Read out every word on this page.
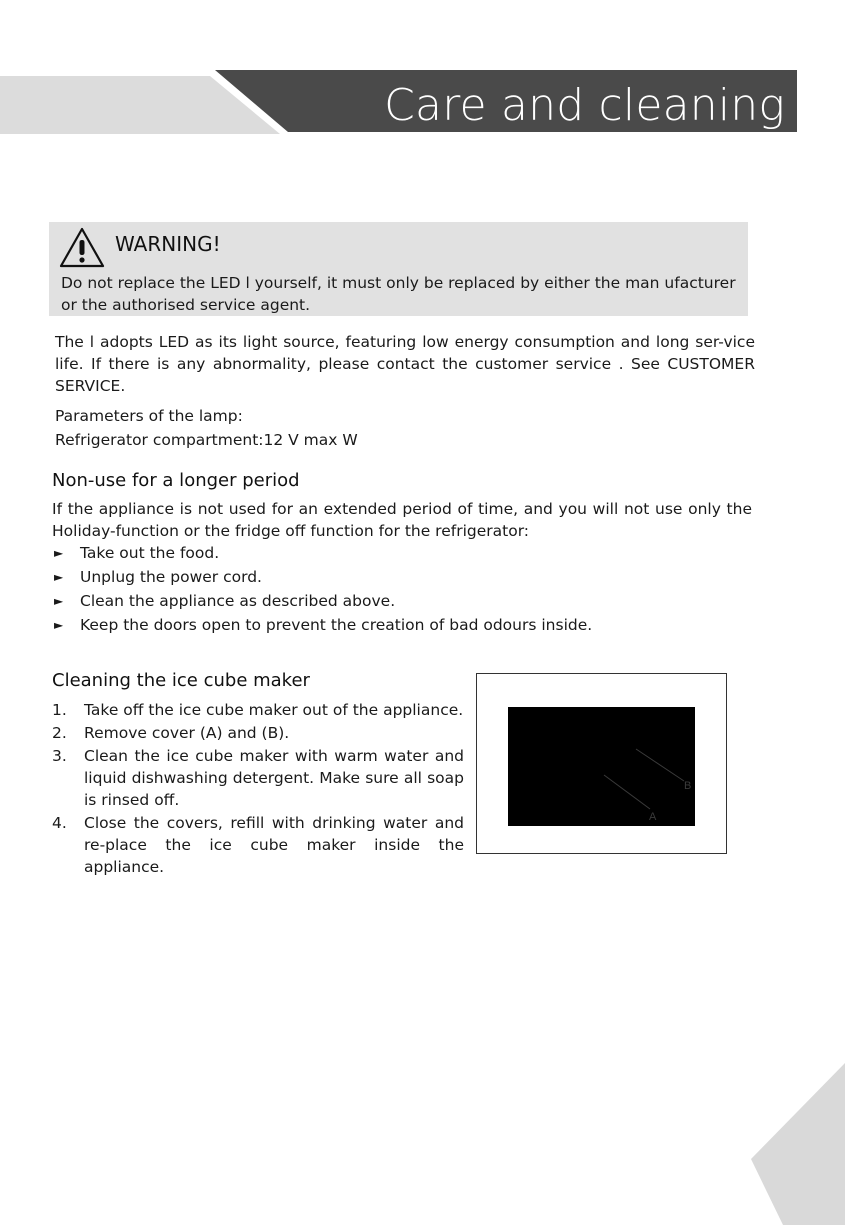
Care and cleaning
WARNING!
Do not replace the LED l yourself, it must only be replaced by either the man ufacturer or the authorised service agent.
The l adopts LED as its light source, featuring low energy consumption and long ser-vice life. If there is any abnormality, please contact the customer service . See CUSTOMER SERVICE.
Parameters of the lamp:
Refrigerator compartment:12 V max W
Non-use for a longer period
If the appliance is not used for an extended period of time, and you will not use only the Holiday-function or the fridge off function for the refrigerator:
► Take out the food.
► Unplug the power cord.
► Clean the appliance as described above.
► Keep the doors open to prevent the creation of bad odours inside.
Cleaning the ice cube maker
1. Take off the ice cube maker out of the appliance.
2. Remove cover (A) and (B).
3. Clean the ice cube maker with warm water and liquid dishwashing detergent. Make sure all soap is rinsed off.
4. Close the covers, refill with drinking water and re-place the ice cube maker inside the appliance.
B
A
